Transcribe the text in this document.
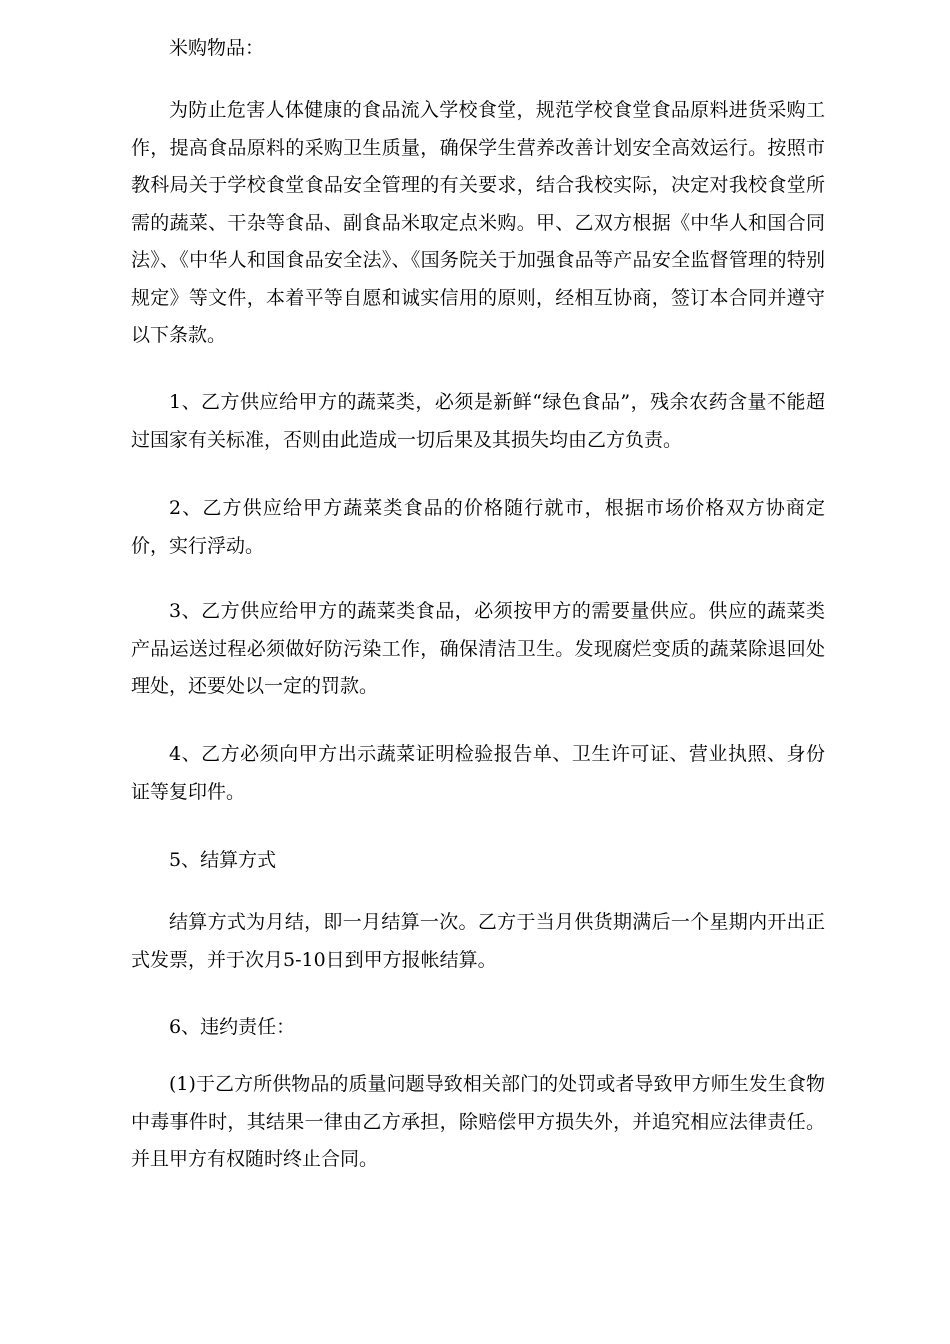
米购物品：

为防止危害人体健康的食品流入学校食堂，规范学校食堂食品原料进货采购工作，提高食品原料的采购卫生质量，确保学生营养改善计划安全高效运行。按照市教科局关于学校食堂食品安全管理的有关要求，结合我校实际，决定对我校食堂所需的蔬菜、干杂等食品、副食品米取定点米购。甲、乙双方根据《中华人和国合同法》、《中华人和国食品安全法》、《国务院关于加强食品等产品安全监督管理的特别规定》等文件，本着平等自愿和诚实信用的原则，经相互协商，签订本合同并遵守以下条款。

1、乙方供应给甲方的蔬菜类，必须是新鲜“绿色食品”，残余农药含量不能超过国家有关标准，否则由此造成一切后果及其损失均由乙方负责。

2、乙方供应给甲方蔬菜类食品的价格随行就市，根据市场价格双方协商定价，实行浮动。

3、乙方供应给甲方的蔬菜类食品，必须按甲方的需要量供应。供应的蔬菜类产品运送过程必须做好防污染工作，确保清洁卫生。发现腐烂变质的蔬菜除退回处理处，还要处以一定的罚款。

4、乙方必须向甲方出示蔬菜证明检验报告单、卫生许可证、营业执照、身份证等复印件。

5、结算方式

结算方式为月结，即一月结算一次。乙方于当月供货期满后一个星期内开出正式发票，并于次月5-10日到甲方报帐结算。

6、违约责任：

(1)于乙方所供物品的质量问题导致相关部门的处罚或者导致甲方师生发生食物中毒事件时，其结果一律由乙方承担，除赔偿甲方损失外，并追究相应法律责任。并且甲方有权随时终止合同。
